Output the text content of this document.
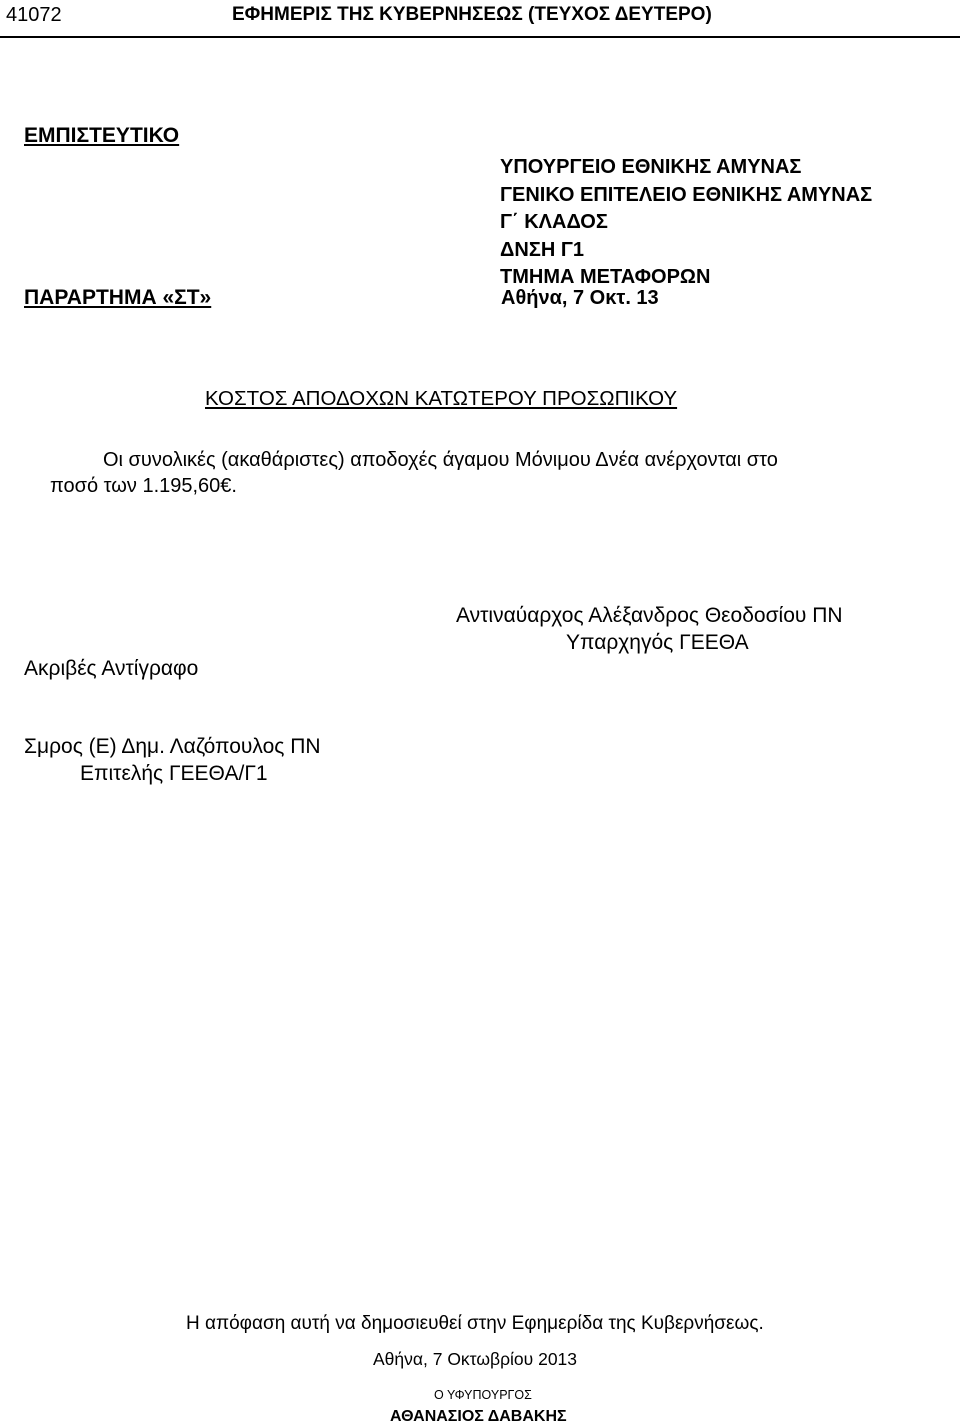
41072	ΕΦΗΜΕΡΙΣ ΤΗΣ ΚΥΒΕΡΝΗΣΕΩΣ (ΤΕΥΧΟΣ ΔΕΥΤΕΡΟ)
ΕΜΠΙΣΤΕΥΤΙΚΟ
ΥΠΟΥΡΓΕΙΟ ΕΘΝΙΚΗΣ ΑΜΥΝΑΣ
ΓΕΝΙΚΟ ΕΠΙΤΕΛΕΙΟ ΕΘΝΙΚΗΣ ΑΜΥΝΑΣ
Γ΄ ΚΛΑΔΟΣ
ΔΝΣΗ Γ1
ΤΜΗΜΑ ΜΕΤΑΦΟΡΩΝ
ΠΑΡΑΡΤΗΜΑ «ΣΤ»	Αθήνα, 7 Οκτ. 13
ΚΟΣΤΟΣ ΑΠΟΔΟΧΩΝ ΚΑΤΩΤΕΡΟΥ ΠΡΟΣΩΠΙΚΟΥ
Οι συνολικές (ακαθάριστες) αποδοχές άγαμου Μόνιμου Δνέα ανέρχονται στο
ποσό των 1.195,60€.
Αντιναύαρχος Αλέξανδρος Θεοδοσίου ΠΝ
Υπαρχηγός ΓΕΕΘΑ
Ακριβές Αντίγραφο
Σμρος (Ε) Δημ. Λαζόπουλος ΠΝ
Επιτελής ΓΕΕΘΑ/Γ1
Η απόφαση αυτή να δημοσιευθεί στην Εφημερίδα της Κυβερνήσεως.
Αθήνα, 7 Οκτωβρίου 2013
Ο ΥΦΥΠΟΥΡΓΟΣ
ΑΘΑΝΑΣΙΟΣ ΔΑΒΑΚΗΣ
